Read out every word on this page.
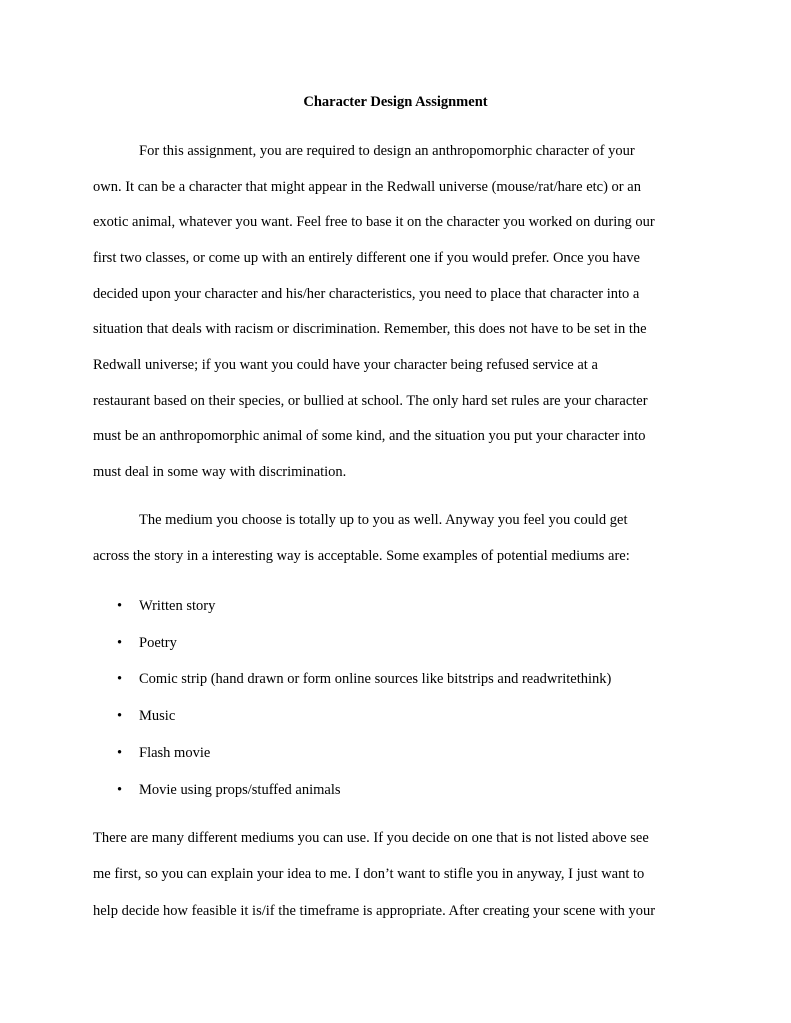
Character Design Assignment
For this assignment, you are required to design an anthropomorphic character of your
own. It can be a character that might appear in the Redwall universe (mouse/rat/hare etc) or an
exotic animal, whatever you want. Feel free to base it on the character you worked on during our
first two classes, or come up with an entirely different one if you would prefer. Once you have
decided upon your character and his/her characteristics, you need to place that character into a
situation that deals with racism or discrimination. Remember, this does not have to be set in the
Redwall universe; if you want you could have your character being refused service at a
restaurant based on their species, or bullied at school. The only hard set rules are your character
must be an anthropomorphic animal of some kind, and the situation you put your character into
must deal in some way with discrimination.
The medium you choose is totally up to you as well. Anyway you feel you could get
across the story in a interesting way is acceptable. Some examples of potential mediums are:
• Written story
• Poetry
• Comic strip (hand drawn or form online sources like bitstrips and readwritethink)
• Music
• Flash movie
• Movie using props/stuffed animals
There are many different mediums you can use. If you decide on one that is not listed above see
me first, so you can explain your idea to me. I don’t want to stifle you in anyway, I just want to
help decide how feasible it is/if the timeframe is appropriate. After creating your scene with your
